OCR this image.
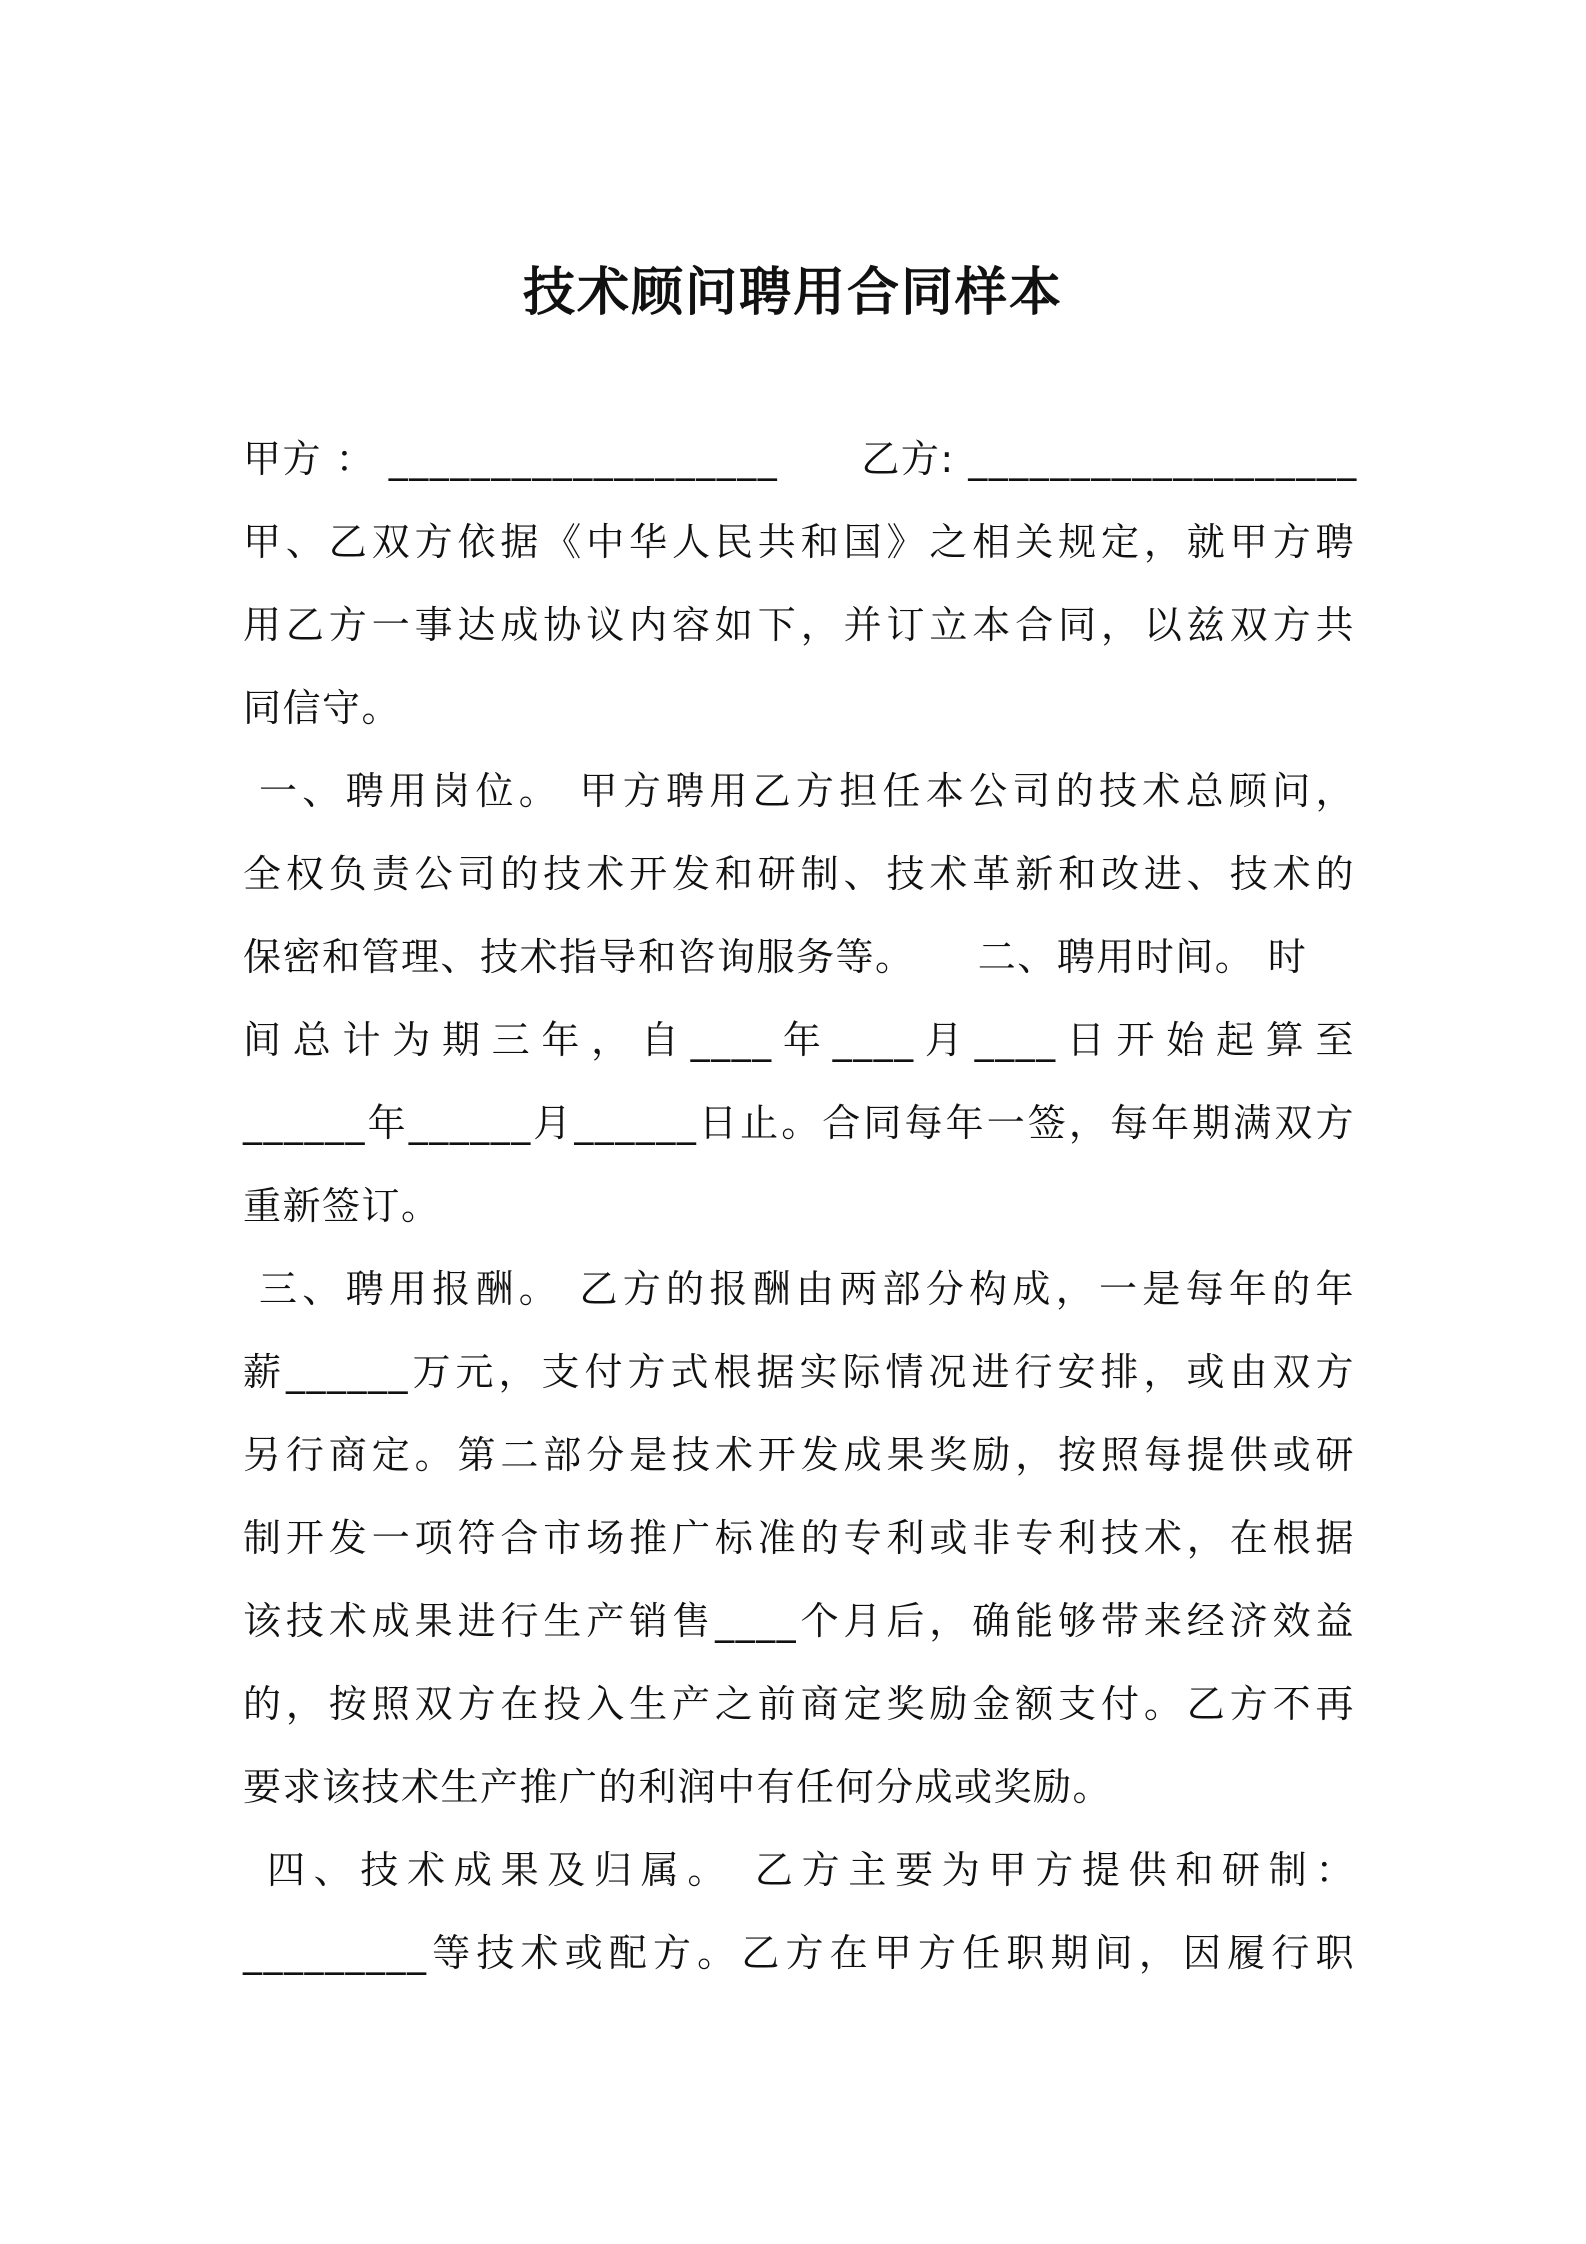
技术顾问聘用合同样本
甲方 ： ___________________ 乙方: ___________________
甲、乙双方依据《中华人民共和国》之相关规定，就甲方聘
用乙方一事达成协议内容如下，并订立本合同，以兹双方共
同信守。
一、聘用岗位。 甲方聘用乙方担任本公司的技术总顾问，
全权负责公司的技术开发和研制、技术革新和改进、技术的
保密和管理、技术指导和咨询服务等。 二、聘用时间。 时
间总计为期三年，自____年____月____日开始起算至
______年______月______日止。合同每年一签，每年期满双方
重新签订。
三、聘用报酬。 乙方的报酬由两部分构成，一是每年的年
薪______万元，支付方式根据实际情况进行安排，或由双方
另行商定。第二部分是技术开发成果奖励，按照每提供或研
制开发一项符合市场推广标准的专利或非专利技术，在根据
该技术成果进行生产销售____个月后，确能够带来经济效益
的，按照双方在投入生产之前商定奖励金额支付。乙方不再
要求该技术生产推广的利润中有任何分成或奖励。
四、技术成果及归属。 乙方主要为甲方提供和研制：
_________等技术或配方。乙方在甲方任职期间，因履行职
